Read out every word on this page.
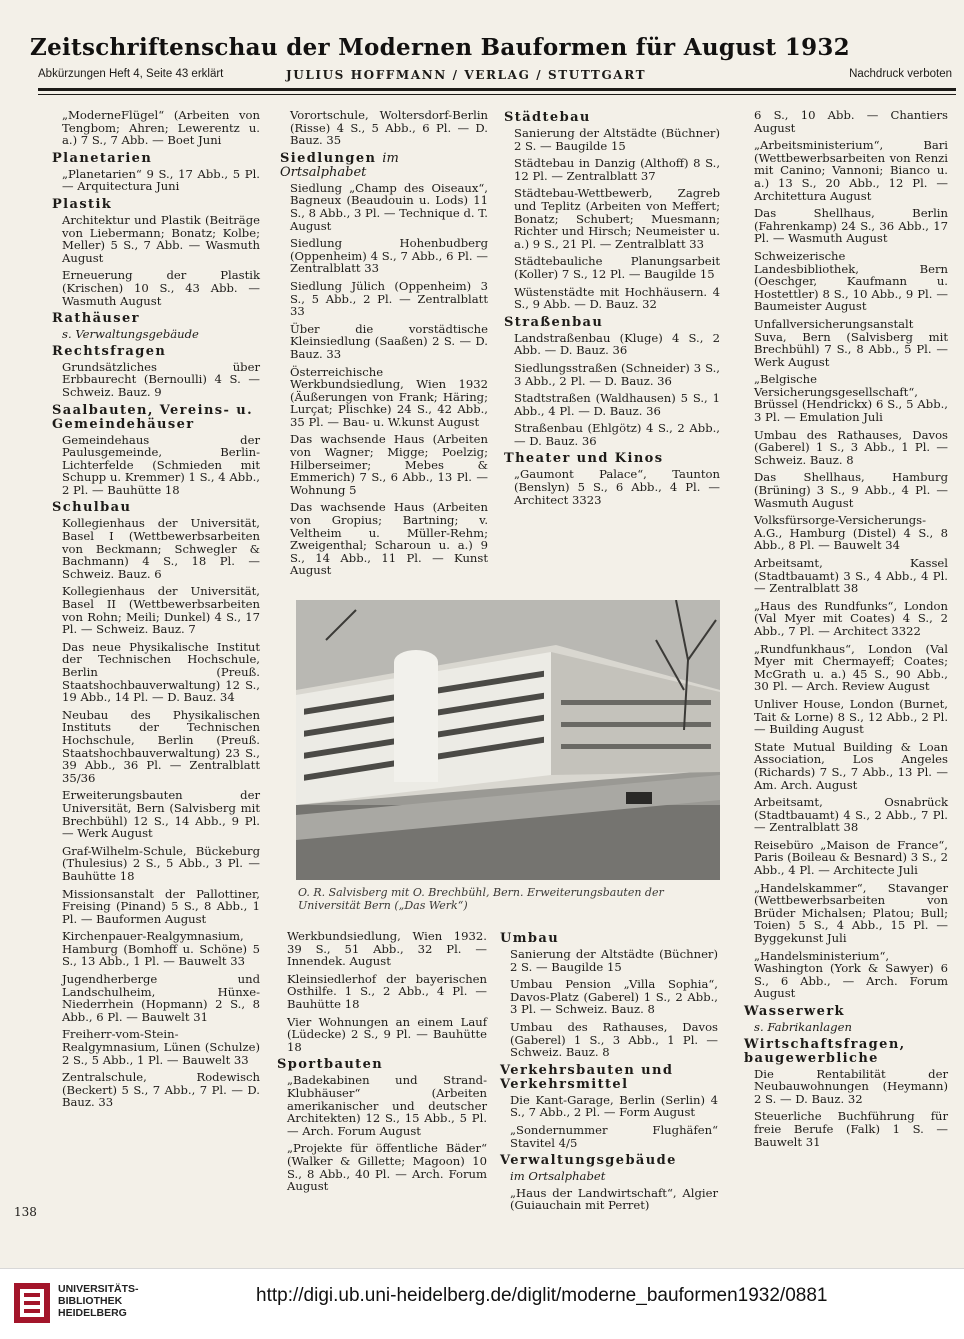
Zeitschriftenschau der Modernen Bauformen für August 1932
Abkürzungen Heft 4, Seite 43 erklärt	JULIUS HOFFMANN / VERLAG / STUTTGART	Nachdruck verboten
„ModerneFlügel“ (Arbeiten von Tengbom; Ahren; Lewerentz u. a.) 7 S., 7 Abb. — Boet Juni
Planetarien
„Planetarien“ 9 S., 17 Abb., 5 Pl. — Arquitectura Juni
Plastik
Architektur und Plastik (Beiträge von Liebermann; Bonatz; Kolbe; Meller) 5 S., 7 Abb. — Wasmuth August
Erneuerung der Plastik (Krischen) 10 S., 43 Abb. — Wasmuth August
Rathäuser
s. Verwaltungsgebäude
Rechtsfragen
Grundsätzliches über Erbbaurecht (Bernoulli) 4 S. — Schweiz. Bauz. 9
Saalbauten, Vereins- u. Gemeindehäuser
Gemeindehaus der Paulusgemeinde, Berlin-Lichterfelde (Schmieden mit Schupp u. Kremmer) 1 S., 4 Abb., 2 Pl. — Bauhütte 18
Schulbau
Kollegienhaus der Universität, Basel I (Wettbewerbsarbeiten von Beckmann; Schwegler & Bachmann) 4 S., 18 Pl. — Schweiz. Bauz. 6
Kollegienhaus der Universität, Basel II (Wettbewerbsarbeiten von Rohn; Meili; Dunkel) 4 S., 17 Pl. — Schweiz. Bauz. 7
Das neue Physikalische Institut der Technischen Hochschule, Berlin (Preuß. Staatshochbauverwaltung) 12 S., 19 Abb., 14 Pl. — D. Bauz. 34
Neubau des Physikalischen Instituts der Technischen Hochschule, Berlin (Preuß. Staatshochbauverwaltung) 23 S., 39 Abb., 36 Pl. — Zentralblatt 35/36
Erweiterungsbauten der Universität, Bern (Salvisberg mit Brechbühl) 12 S., 14 Abb., 9 Pl. — Werk August
Graf-Wilhelm-Schule, Bückeburg (Thulesius) 2 S., 5 Abb., 3 Pl. — Bauhütte 18
Missionsanstalt der Pallottiner, Freising (Pinand) 5 S., 8 Abb., 1 Pl. — Bauformen August
Kirchenpauer-Realgymnasium, Hamburg (Bomhoff u. Schöne) 5 S., 13 Abb., 1 Pl. — Bauwelt 33
Jugendherberge und Landschulheim, Hünxe-Niederrhein (Hopmann) 2 S., 8 Abb., 6 Pl. — Bauwelt 31
Freiherr-vom-Stein-Realgymnasium, Lünen (Schulze) 2 S., 5 Abb., 1 Pl. — Bauwelt 33
Zentralschule, Rodewisch (Beckert) 5 S., 7 Abb., 7 Pl. — D. Bauz. 33
Vorortschule, Woltersdorf-Berlin (Risse) 4 S., 5 Abb., 6 Pl. — D. Bauz. 35
Siedlungen im Ortsalphabet
Siedlung „Champ des Oiseaux“, Bagneux (Beaudouin u. Lods) 11 S., 8 Abb., 3 Pl. — Technique d. T. August
Siedlung Hohenbudberg (Oppenheim) 4 S., 7 Abb., 6 Pl. — Zentralblatt 33
Siedlung Jülich (Oppenheim) 3 S., 5 Abb., 2 Pl. — Zentralblatt 33
Über die vorstädtische Kleinsiedlung (Saaßen) 2 S. — D. Bauz. 33
Österreichische Werkbundsiedlung, Wien 1932 (Äußerungen von Frank; Häring; Lurçat; Plischke) 24 S., 42 Abb., 35 Pl. — Bau- u. W.kunst August
Das wachsende Haus (Arbeiten von Wagner; Migge; Poelzig; Hilberseimer; Mebes & Emmerich) 7 S., 6 Abb., 13 Pl. — Wohnung 5
Das wachsende Haus (Arbeiten von Gropius; Bartning; v. Veltheim u. Müller-Rehm; Zweigenthal; Scharoun u. a.) 9 S., 14 Abb., 11 Pl. — Kunst August
Städtebau
Sanierung der Altstädte (Büchner) 2 S. — Baugilde 15
Städtebau in Danzig (Althoff) 8 S., 12 Pl. — Zentralblatt 37
Städtebau-Wettbewerb, Zagreb und Teplitz (Arbeiten von Meffert; Bonatz; Schubert; Muesmann; Richter und Hirsch; Neumeister u. a.) 9 S., 21 Pl. — Zentralblatt 33
Städtebauliche Planungsarbeit (Koller) 7 S., 12 Pl. — Baugilde 15
Wüstenstädte mit Hochhäusern. 4 S., 9 Abb. — D. Bauz. 32
Straßenbau
Landstraßenbau (Kluge) 4 S., 2 Abb. — D. Bauz. 36
Siedlungsstraßen (Schneider) 3 S., 3 Abb., 2 Pl. — D. Bauz. 36
Stadtstraßen (Waldhausen) 5 S., 1 Abb., 4 Pl. — D. Bauz. 36
Straßenbau (Ehlgötz) 4 S., 2 Abb., — D. Bauz. 36
Theater und Kinos
„Gaumont Palace“, Taunton (Benslyn) 5 S., 6 Abb., 4 Pl. — Architect 3323
6 S., 10 Abb. — Chantiers August
„Arbeitsministerium“, Bari (Wettbewerbsarbeiten von Renzi mit Canino; Vannoni; Bianco u. a.) 13 S., 20 Abb., 12 Pl. — Architettura August
Das Shellhaus, Berlin (Fahrenkamp) 24 S., 36 Abb., 17 Pl. — Wasmuth August
Schweizerische Landesbibliothek, Bern (Oeschger, Kaufmann u. Hostettler) 8 S., 10 Abb., 9 Pl. — Baumeister August
Unfallversicherungsanstalt Suva, Bern (Salvisberg mit Brechbühl) 7 S., 8 Abb., 5 Pl. — Werk August
„Belgische Versicherungsgesellschaft“, Brüssel (Hendrickx) 6 S., 5 Abb., 3 Pl. — Emulation Juli
Umbau des Rathauses, Davos (Gaberel) 1 S., 3 Abb., 1 Pl. — Schweiz. Bauz. 8
Das Shellhaus, Hamburg (Brüning) 3 S., 9 Abb., 4 Pl. — Wasmuth August
Volksfürsorge-Versicherungs-A.G., Hamburg (Distel) 4 S., 8 Abb., 8 Pl. — Bauwelt 34
Arbeitsamt, Kassel (Stadtbauamt) 3 S., 4 Abb., 4 Pl. — Zentralblatt 38
„Haus des Rundfunks“, London (Val Myer mit Coates) 4 S., 2 Abb., 7 Pl. — Architect 3322
„Rundfunkhaus“, London (Val Myer mit Chermayeff; Coates; McGrath u. a.) 45 S., 90 Abb., 30 Pl. — Arch. Review August
Unliver House, London (Burnet, Tait & Lorne) 8 S., 12 Abb., 2 Pl. — Building August
State Mutual Building & Loan Association, Los Angeles (Richards) 7 S., 7 Abb., 13 Pl. — Am. Arch. August
Arbeitsamt, Osnabrück (Stadtbauamt) 4 S., 2 Abb., 7 Pl. — Zentralblatt 38
Reisebüro „Maison de France“, Paris (Boileau & Besnard) 3 S., 2 Abb., 4 Pl. — Architecte Juli
„Handelskammer“, Stavanger (Wettbewerbsarbeiten von Brüder Michalsen; Platou; Bull; Toien) 5 S., 4 Abb., 15 Pl. — Byggekunst Juli
„Handelsministerium“, Washington (York & Sawyer) 6 S., 6 Abb., — Arch. Forum August
Wasserwerk
s. Fabrikanlagen
Wirtschaftsfragen, baugewerbliche
Die Rentabilität der Neubauwohnungen (Heymann) 2 S. — D. Bauz. 32
Steuerliche Buchführung für freie Berufe (Falk) 1 S. — Bauwelt 31
Werkbundsiedlung, Wien 1932. 39 S., 51 Abb., 32 Pl. — Innendek. August
Kleinsiedlerhof der bayerischen Osthilfe. 1 S., 2 Abb., 4 Pl. — Bauhütte 18
Vier Wohnungen an einem Lauf (Lüdecke) 2 S., 9 Pl. — Bauhütte 18
Sportbauten
„Badekabinen und Strand-Klubhäuser“ (Arbeiten amerikanischer und deutscher Architekten) 12 S., 15 Abb., 5 Pl. — Arch. Forum August
„Projekte für öffentliche Bäder“ (Walker & Gillette; Magoon) 10 S., 8 Abb., 40 Pl. — Arch. Forum August
Umbau
Sanierung der Altstädte (Büchner) 2 S. — Baugilde 15
Umbau Pension „Villa Sophia“, Davos-Platz (Gaberel) 1 S., 2 Abb., 3 Pl. — Schweiz. Bauz. 8
Umbau des Rathauses, Davos (Gaberel) 1 S., 3 Abb., 1 Pl. — Schweiz. Bauz. 8
Verkehrsbauten und Verkehrsmittel
Die Kant-Garage, Berlin (Serlin) 4 S., 7 Abb., 2 Pl. — Form August
„Sondernummer Flughäfen“ Stavitel 4/5
Verwaltungsgebäude
im Ortsalphabet
„Haus der Landwirtschaft“, Algier (Guiauchain mit Perret)
O. R. Salvisberg mit O. Brechbühl, Bern. Erweiterungsbauten der Universität Bern („Das Werk“)
138
UNIVERSITÄTS-
BIBLIOTHEK
HEIDELBERG
http://digi.ub.uni-heidelberg.de/diglit/moderne_bauformen1932/0881
